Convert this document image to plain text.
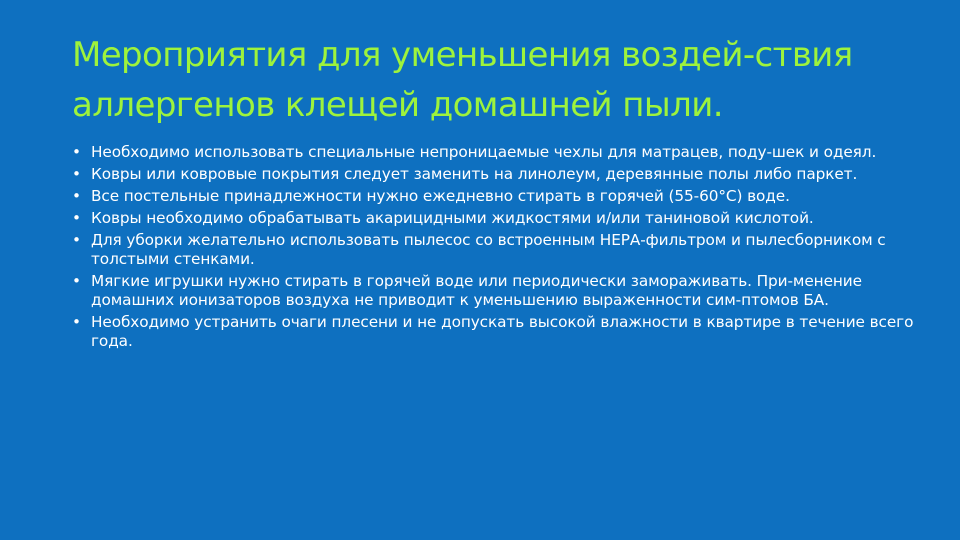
Мероприятия для уменьшения воздей-ствия
аллергенов клещей домашней пыли.
• Необходимо использовать специальные непроницаемые чехлы для матрацев, поду-шек и одеял.
• Ковры или ковровые покрытия следует заменить на линолеум, деревянные полы либо паркет.
• Все постельные принадлежности нужно ежедневно стирать в горячей (55-60°С) воде.
• Ковры необходимо обрабатывать акарицидными жидкостями и/или таниновой кислотой.
• Для уборки желательно использовать пылесос со встроенным НЕРА-фильтром и пылесборником с толстыми стенками.
• Мягкие игрушки нужно стирать в горячей воде или периодически замораживать. При-менение домашних ионизаторов воздуха не приводит к уменьшению выраженности сим-птомов БА.
• Необходимо устранить очаги плесени и не допускать высокой влажности в квартире в течение всего года.
